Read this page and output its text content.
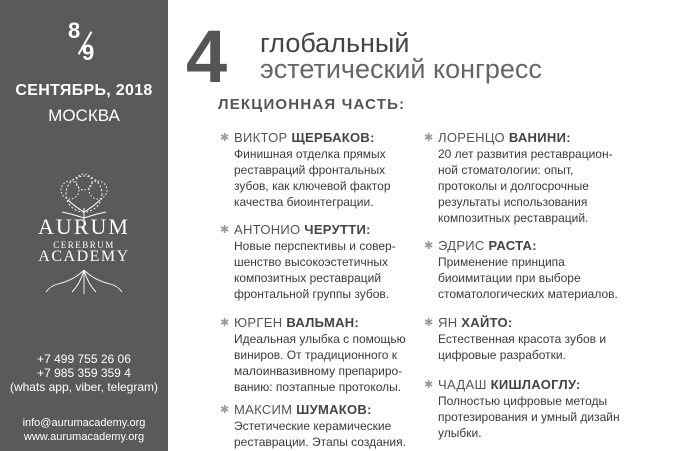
8
9
СЕНТЯБРЬ, 2018
МОСКВА
AURUM
CEREBRUM
ACADEMY
+7 499 755 26 06
+7 985 359 359 4
(whats app, viber, telegram)
info@aurumacademy.org
www.aurumacademy.org
4 глобальный
эстетический конгресс
ЛЕКЦИОННАЯ ЧАСТЬ:
✱ ВИКТОР ЩЕРБАКОВ:
Финишная отделка прямых
реставраций фронтальных
зубов, как ключевой фактор
качества биоинтеграции.
✱ АНТОНИО ЧЕРУТТИ:
Новые перспективы и совер-
шенство высокоэстетичных
композитных реставраций
фронтальной группы зубов.
✱ ЮРГЕН ВАЛЬМАН:
Идеальная улыбка с помощью
виниров. От традиционного к
малоинвазивному препариро-
ванию: поэтапные протоколы.
✱ МАКСИМ ШУМАКОВ:
Эстетические керамические
реставрации. Этапы создания.
✱ ЛОРЕНЦО ВАНИНИ:
20 лет развития реставрацион-
ной стоматологии: опыт,
протоколы и долгосрочные
результаты использования
композитных реставраций.
✱ ЭДРИС РАСТА:
Применение принципа
биоимитации при выборе
стоматологических материалов.
✱ ЯН ХАЙТО:
Естественная красота зубов и
цифровые разработки.
✱ ЧАДАШ КИШЛАОГЛУ:
Полностью цифровые методы
протезирования и умный дизайн
улыбки.
